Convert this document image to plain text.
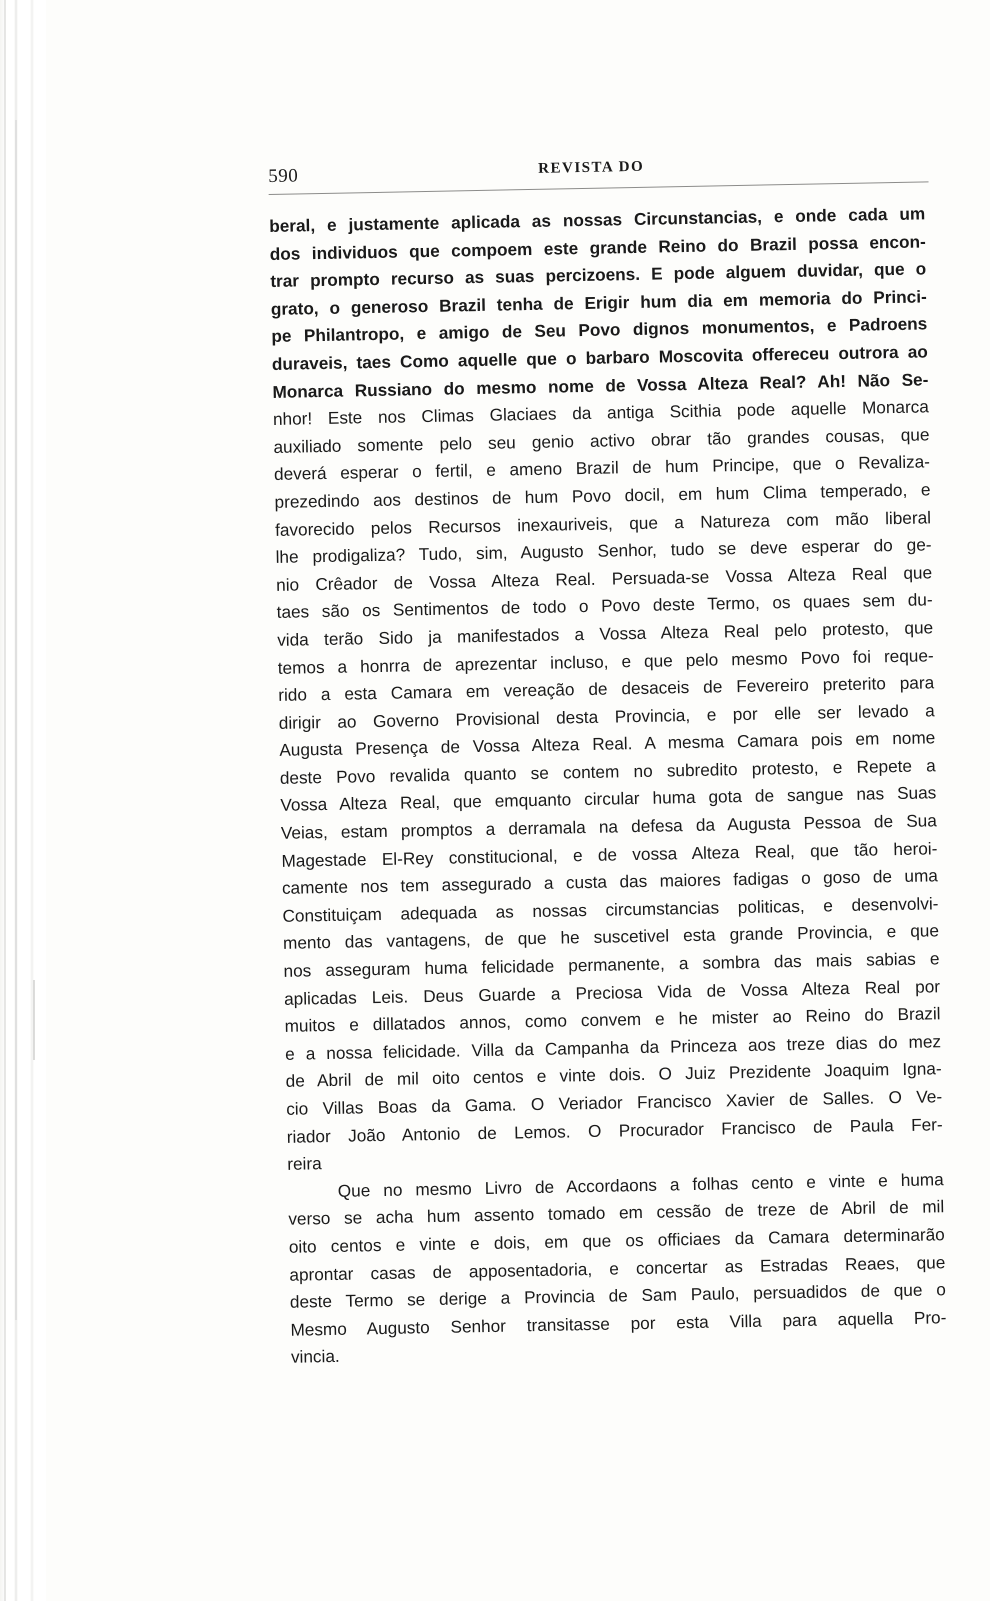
590	REVISTA DO
beral, e justamente aplicada as nossas Circunstancias, e onde cada um
dos individuos que compoem este grande Reino do Brazil possa encon-
trar prompto recurso as suas percizoens. E pode alguem duvidar, que o
grato, o generoso Brazil tenha de Erigir hum dia em memoria do Princi-
pe Philantropo, e amigo de Seu Povo dignos monumentos, e Padroens
duraveis, taes Como aquelle que o barbaro Moscovita offereceu outrora ao
Monarca Russiano do mesmo nome de Vossa Alteza Real? Ah! Não Se-
nhor! Este nos Climas Glaciaes da antiga Scithia pode aquelle Monarca
auxiliado somente pelo seu genio activo obrar tão grandes cousas, que
deverá esperar o fertil, e ameno Brazil de hum Principe, que o Revaliza-
prezedindo aos destinos de hum Povo docil, em hum Clima temperado, e
favorecido pelos Recursos inexauriveis, que a Natureza com mão liberal
lhe prodigaliza? Tudo, sim, Augusto Senhor, tudo se deve esperar do ge-
nio Crêador de Vossa Alteza Real. Persuada-se Vossa Alteza Real que
taes são os Sentimentos de todo o Povo deste Termo, os quaes sem du-
vida terão Sido ja manifestados a Vossa Alteza Real pelo protesto, que
temos a honrra de aprezentar incluso, e que pelo mesmo Povo foi reque-
rido a esta Camara em vereação de desaceis de Fevereiro preterito para
dirigir ao Governo Provisional desta Provincia, e por elle ser levado a
Augusta Presença de Vossa Alteza Real. A mesma Camara pois em nome
deste Povo revalida quanto se contem no subredito protesto, e Repete a
Vossa Alteza Real, que emquanto circular huma gota de sangue nas Suas
Veias, estam promptos a derramala na defesa da Augusta Pessoa de Sua
Magestade El-Rey constitucional, e de vossa Alteza Real, que tão heroi-
camente nos tem assegurado a custa das maiores fadigas o goso de uma
Constituiçam adequada as nossas circumstancias politicas, e desenvolvi-
mento das vantagens, de que he suscetivel esta grande Provincia, e que
nos asseguram huma felicidade permanente, a sombra das mais sabias e
aplicadas Leis. Deus Guarde a Preciosa Vida de Vossa Alteza Real por
muitos e dillatados annos, como convem e he mister ao Reino do Brazil
e a nossa felicidade. Villa da Campanha da Princeza aos treze dias do mez
de Abril de mil oito centos e vinte dois. O Juiz Prezidente Joaquim Igna-
cio Villas Boas da Gama. O Veriador Francisco Xavier de Salles. O Ve-
riador João Antonio de Lemos. O Procurador Francisco de Paula Fer-
reira
Que no mesmo Livro de Accordaons a folhas cento e vinte e huma
verso se acha hum assento tomado em cessão de treze de Abril de mil
oito centos e vinte e dois, em que os officiaes da Camara determinarão
aprontar casas de apposentadoria, e concertar as Estradas Reaes, que
deste Termo se derige a Provincia de Sam Paulo, persuadidos de que o
Mesmo Augusto Senhor transitasse por esta Villa para aquella Pro-
vincia.
